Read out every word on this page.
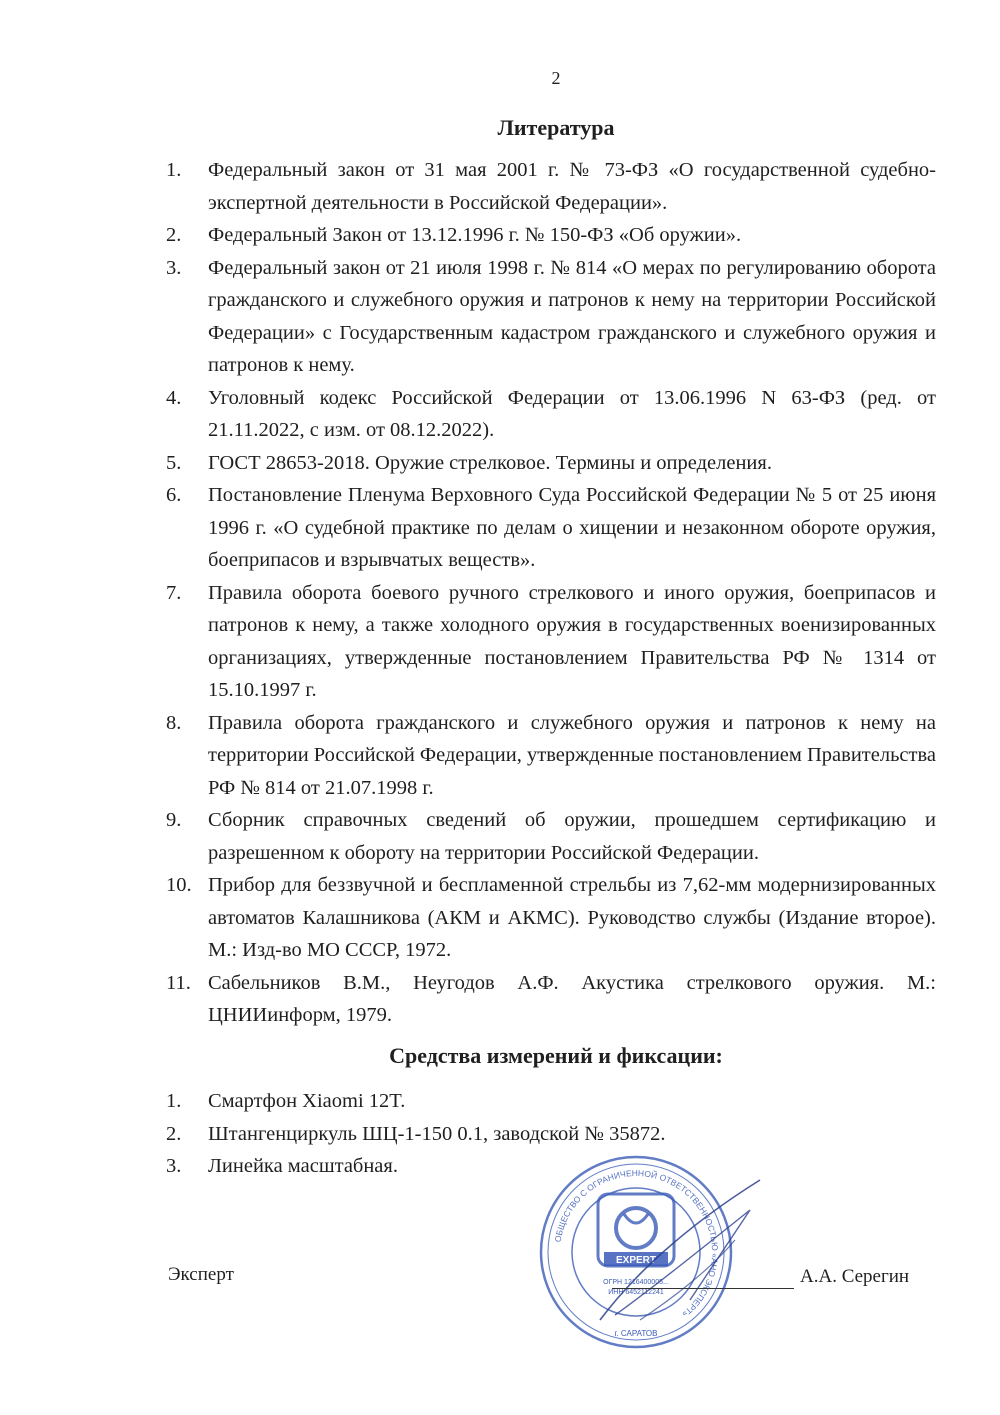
2
Литература
1.	Федеральный закон от 31 мая 2001 г. № 73-ФЗ «О государственной судебно-экспертной деятельности в Российской Федерации».
2.	Федеральный Закон от 13.12.1996 г. № 150-ФЗ «Об оружии».
3.	Федеральный закон от 21 июля 1998 г. № 814 «О мерах по регулированию оборота гражданского и служебного оружия и патронов к нему на территории Российской Федерации» с Государственным кадастром гражданского и служебного оружия и патронов к нему.
4.	Уголовный кодекс Российской Федерации от 13.06.1996 N 63-ФЗ (ред. от 21.11.2022, с изм. от 08.12.2022).
5.	ГОСТ 28653-2018. Оружие стрелковое. Термины и определения.
6.	Постановление Пленума Верховного Суда Российской Федерации № 5 от 25 июня 1996 г. «О судебной практике по делам о хищении и незаконном обороте оружия, боеприпасов и взрывчатых веществ».
7.	Правила оборота боевого ручного стрелкового и иного оружия, боеприпасов и патронов к нему, а также холодного оружия в государственных военизированных организациях, утвержденные постановлением Правительства РФ № 1314 от 15.10.1997 г.
8.	Правила оборота гражданского и служебного оружия и патронов к нему на территории Российской Федерации, утвержденные постановлением Правительства РФ № 814 от 21.07.1998 г.
9.	Сборник справочных сведений об оружии, прошедшем сертификацию и разрешенном к обороту на территории Российской Федерации.
10. Прибор для беззвучной и беспламенной стрельбы из 7,62-мм модернизированных автоматов Калашникова (АКМ и АКМС). Руководство службы (Издание второе). М.: Изд-во МО СССР, 1972.
11. Сабельников В.М., Неугодов А.Ф. Акустика стрелкового оружия. М.: ЦНИИинформ, 1979.
Средства измерений и фиксации:
1.	Смартфон Xiaomi 12T.
2.	Штангенциркуль ШЦ-1-150 0.1, заводской № 35872.
3.	Линейка масштабная.
EXPERT
ОГРН 1216400005...
ИНН 6452112241
ОБЩЕСТВО С ОГРАНИЧЕННОЙ ОТВЕТСТВЕННОСТЬЮ «АНО ЭКСПЕРТ»
г. САРАТОВ
Эксперт	А.А. Серегин
